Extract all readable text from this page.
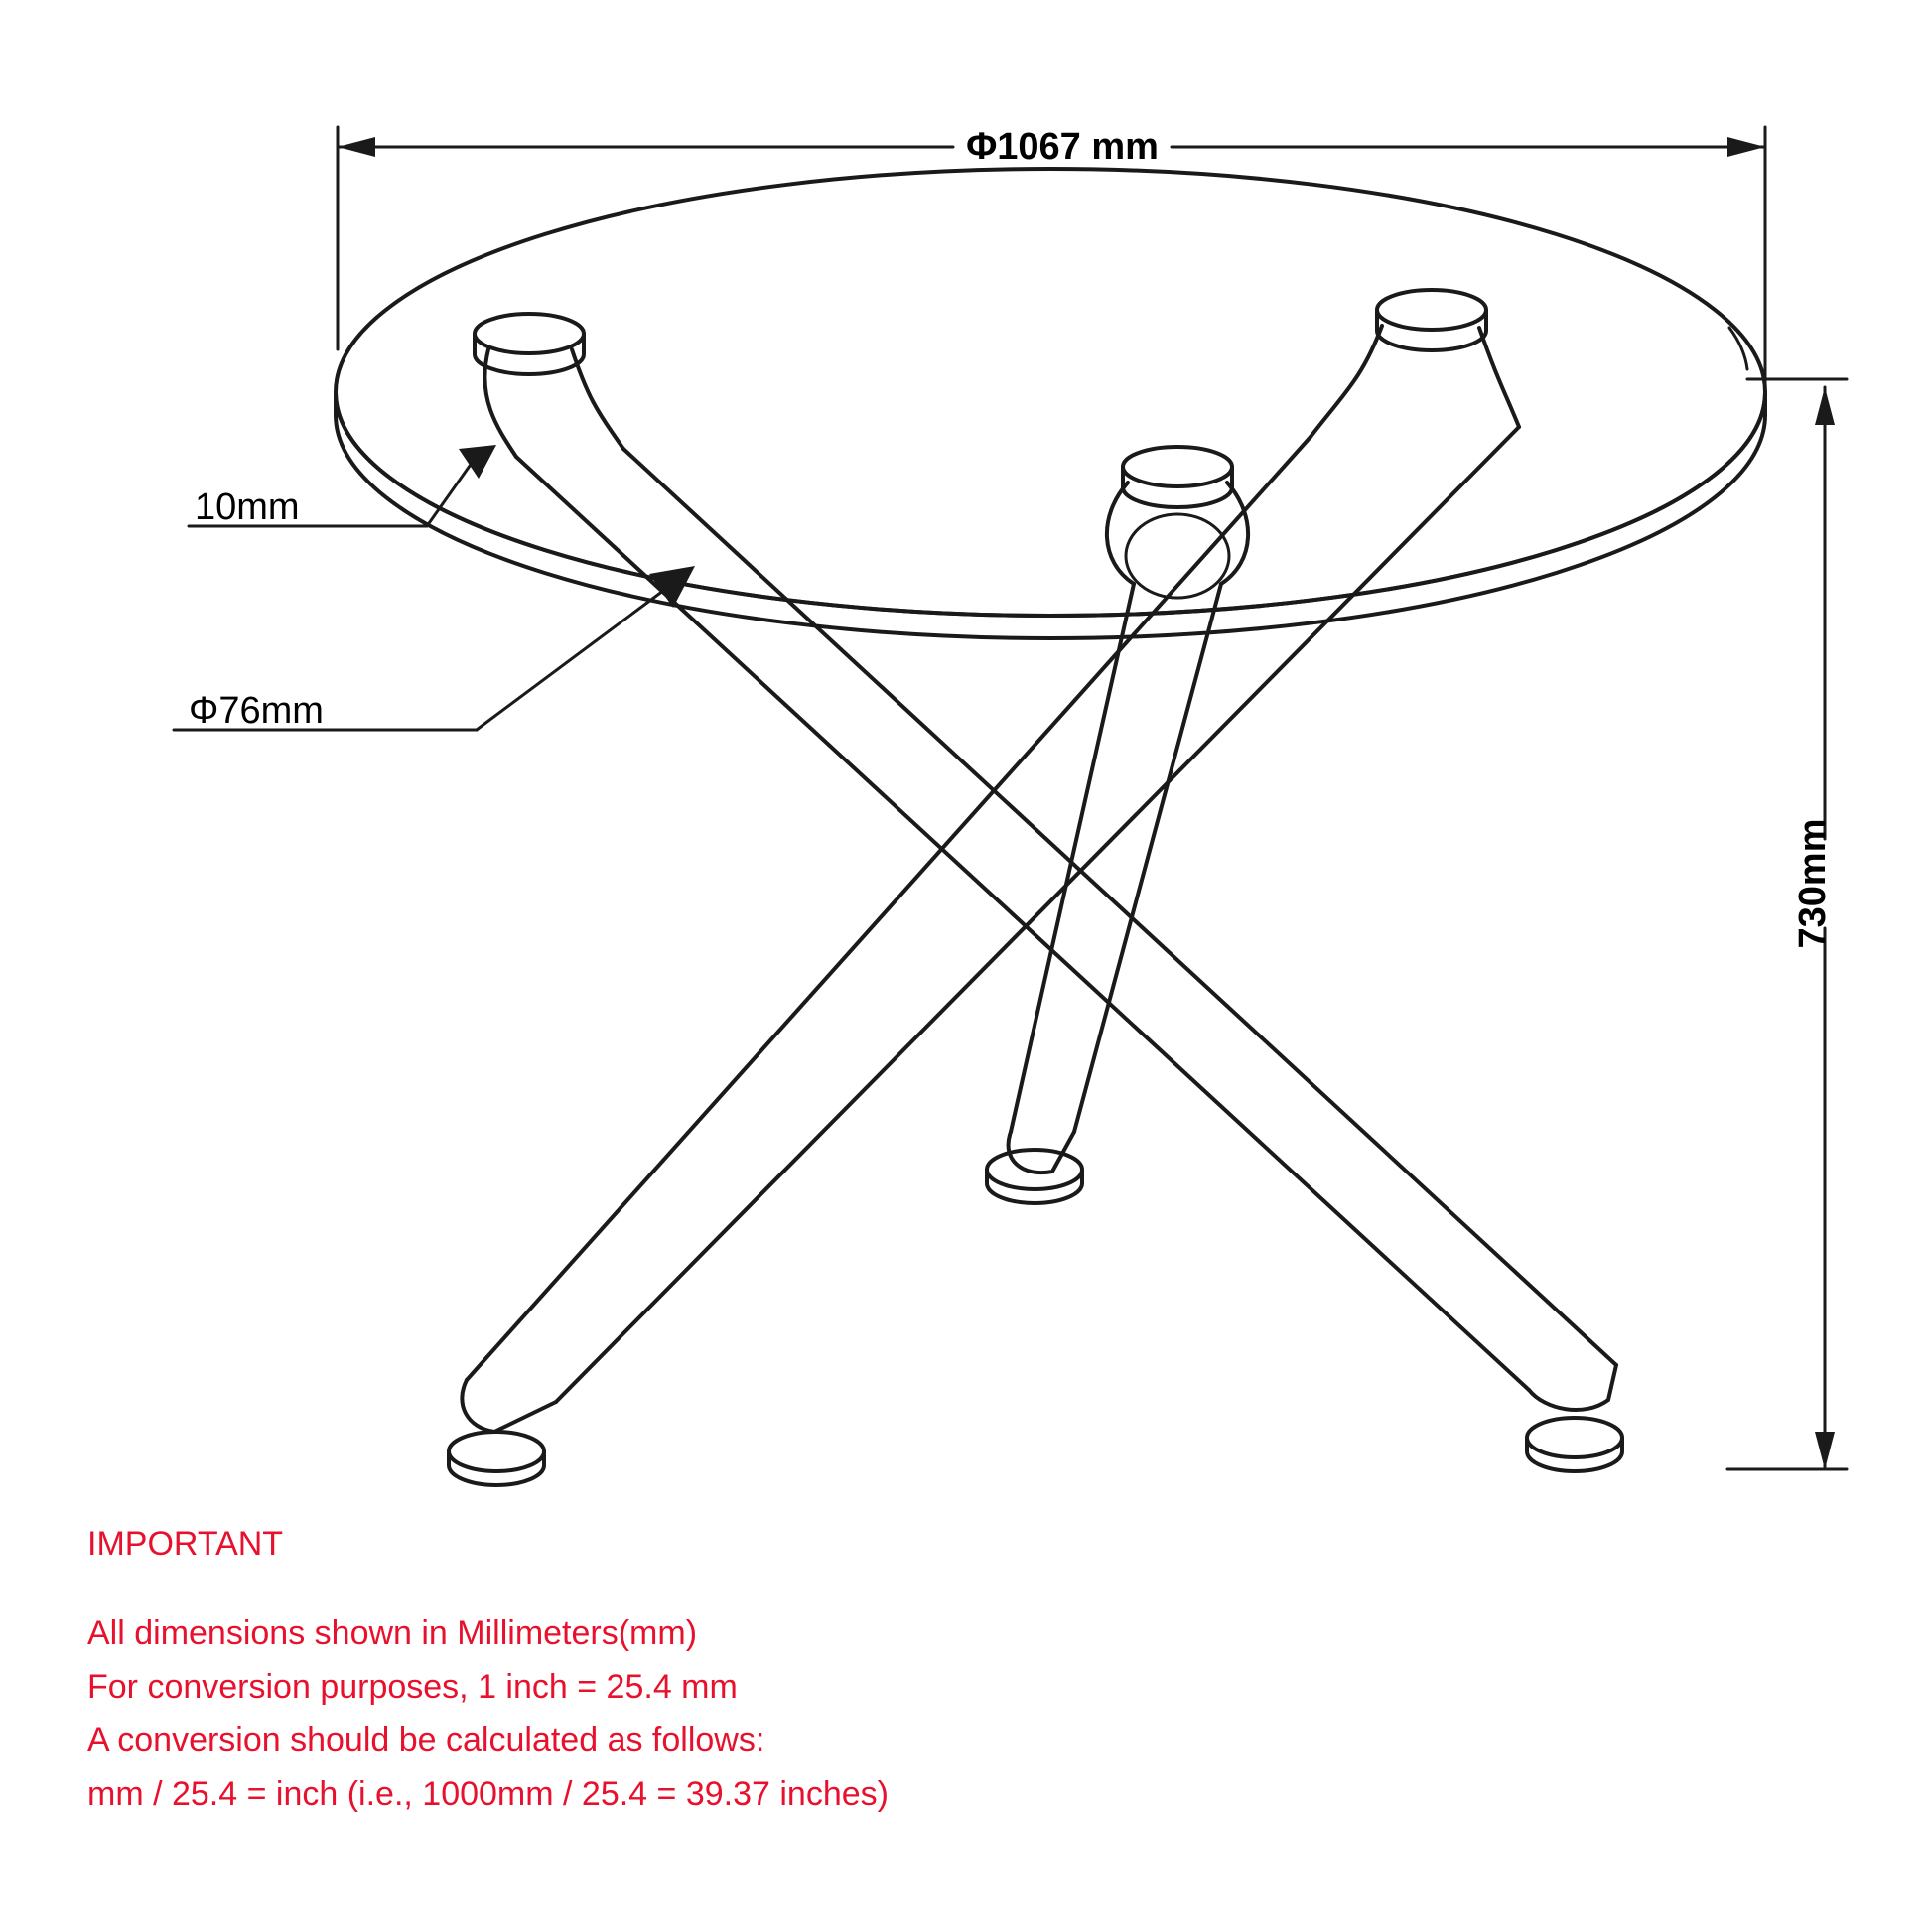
Φ1067 mm
10mm
Φ76mm
730mm
IMPORTANT
All dimensions shown in Millimeters(mm)
For conversion purposes, 1 inch = 25.4 mm
A conversion should be calculated as follows:
mm / 25.4 = inch (i.e., 1000mm / 25.4 = 39.37 inches)
